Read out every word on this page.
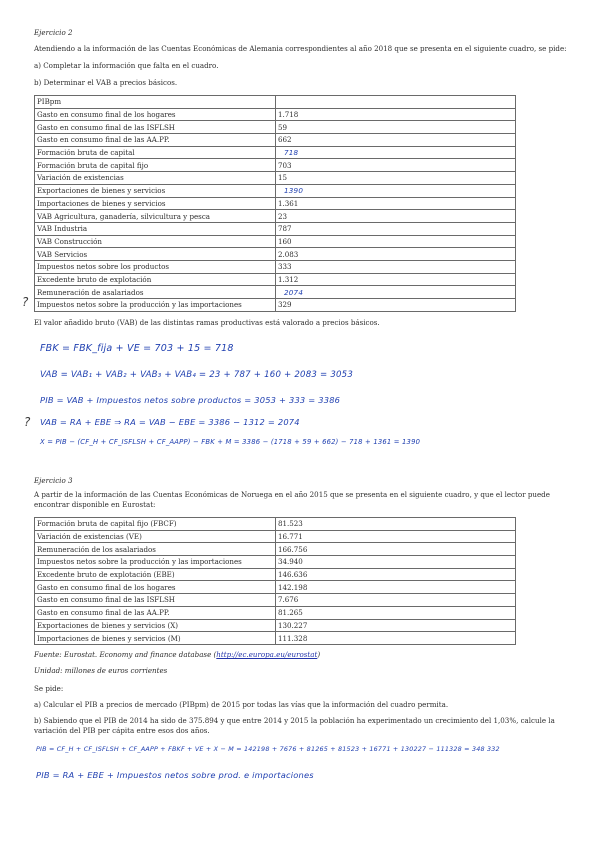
Ejercicio 2
Atendiendo a la información de las Cuentas Económicas de Alemania correspondientes al año 2018 que se presenta en el siguiente cuadro, se pide:
a) Completar la información que falta en el cuadro.
b) Determinar el VAB a precios básicos.
PIBpm	
Gasto en consumo final de los hogares	1.718
Gasto en consumo final de las ISFLSH	59
Gasto en consumo final de las AA.PP.	662
Formación bruta de capital	718
Formación bruta de capital fijo	703
Variación de existencias	15
Exportaciones de bienes y servicios	1390
Importaciones de bienes y servicios	1.361
VAB Agricultura, ganadería, silvicultura y pesca	23
VAB Industria	787
VAB Construcción	160
VAB Servicios	2.083
Impuestos netos sobre los productos	333
Excedente bruto de explotación	1.312
Remuneración de asalariados	2074
Impuestos netos sobre la producción y las importaciones	329
El valor añadido bruto (VAB) de las distintas ramas productivas está valorado a precios básicos.
FBK = FBK_fija + VE = 703 + 15 = 718
VAB = VAB₁ + VAB₂ + VAB₃ + VAB₄ = 23 + 787 + 160 + 2083 = 3053
PIB = VAB + Impuestos netos sobre productos = 3053 + 333 = 3386
VAB = RA + EBE ⇒ RA = VAB − EBE = 3386 − 1312 = 2074
X = PIB − (CF_H + CF_ISFLSH + CF_AAPP) − FBK + M = 3386 − (1718 + 59 + 662) − 718 + 1361 = 1390
?
?
Ejercicio 3
A partir de la información de las Cuentas Económicas de Noruega en el año 2015 que se presenta en el siguiente cuadro, y que el lector puede encontrar disponible en Eurostat:
Formación bruta de capital fijo (FBCF)	81.523
Variación de existencias (VE)	16.771
Remuneración de los asalariados	166.756
Impuestos netos sobre la producción y las importaciones	34.940
Excedente bruto de explotación (EBE)	146.636
Gasto en consumo final de los hogares	142.198
Gasto en consumo final de las ISFLSH	7.676
Gasto en consumo final de las AA.PP.	81.265
Exportaciones de bienes y servicios (X)	130.227
Importaciones de bienes y servicios (M)	111.328
Fuente: Eurostat. Economy and finance database (http://ec.europa.eu/eurostat)
Unidad: millones de euros corrientes
Se pide:
a) Calcular el PIB a precios de mercado (PIBpm) de 2015 por todas las vías que la información del cuadro permita.
b) Sabiendo que el PIB de 2014 ha sido de 375.894 y que entre 2014 y 2015 la población ha experimentado un crecimiento del 1,03%, calcule la variación del PIB per cápita entre esos dos años.
PIB = CF_H + CF_ISFLSH + CF_AAPP + FBKF + VE + X − M = 142198 + 7676 + 81265 + 81523 + 16771 + 130227 − 111328 = 348 332
PIB = RA + EBE + Impuestos netos sobre prod. e importaciones
